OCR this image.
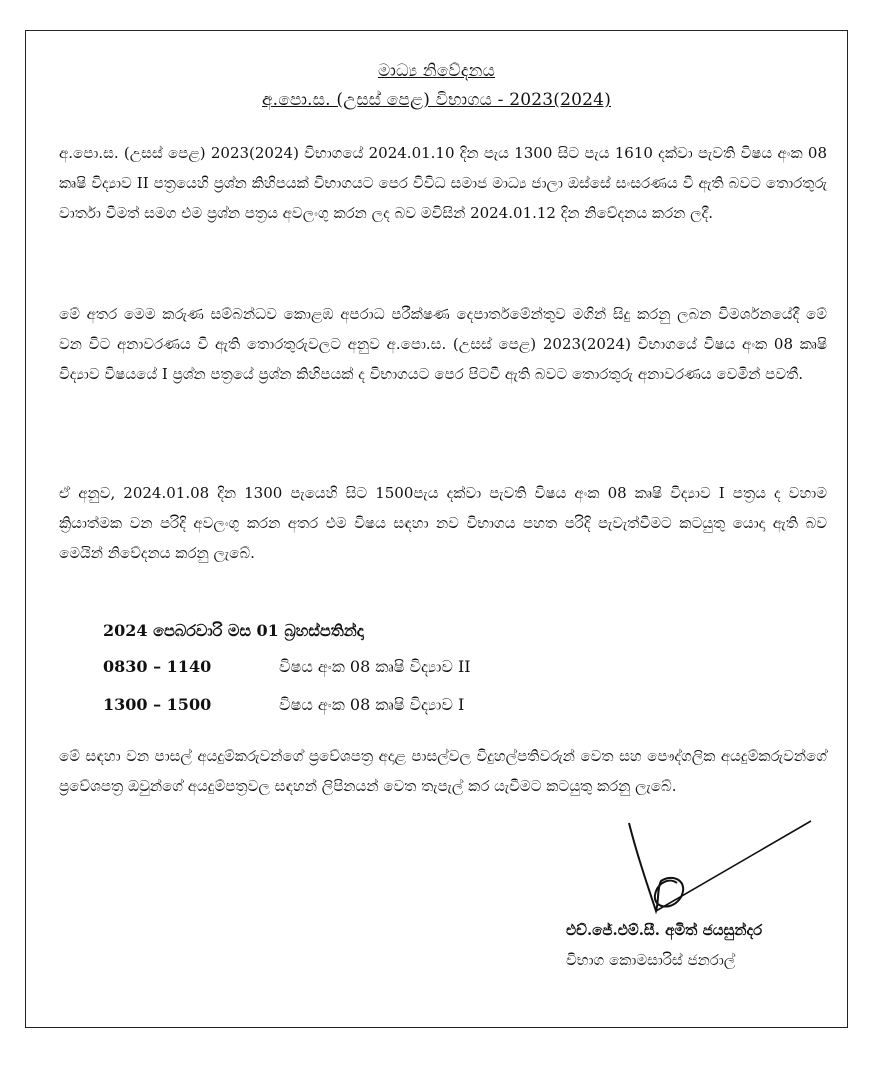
මාධ්‍ය නිවේදනය
අ.පො.ස. (උසස් පෙළ) විභාගය - 2023(2024)
අ.පො.ස. (උසස් පෙළ) 2023(2024) විභාගයේ 2024.01.10 දින පැය 1300 සිට පැය 1610 දක්වා පැවති විෂය අංක 08 කෘෂි විද්‍යාව II පත්‍රයෙහි ප්‍රශ්න කිහිපයක් විභාගයට පෙර විවිධ සමාජ මාධ්‍ය ජාලා ඔස්සේ සංසරණය වී ඇති බවට තොරතුරු වාර්තා වීමත් සමග එම ප්‍රශ්න පත්‍රය අවලංගු කරන ලද බව මවිසින් 2024.01.12 දින නිවේදනය කරන ලදී.
මේ අතර මෙම කරුණ සම්බන්ධව කොළඹ අපරාධ පරීක්ෂණ දෙපාර්තමේන්තුව මගින් සිදු කරනු ලබන විමර්ශනයේදී මේ වන විට අනාවරණය වී ඇති තොරතුරුවලට අනුව අ.පො.ස. (උසස් පෙළ) 2023(2024) විභාගයේ විෂය අංක 08 කෘෂි විද්‍යාව විෂයයේ I ප්‍රශ්න පත්‍රයේ ප්‍රශ්න කිහිපයක් ද විභාගයට පෙර පිටවී ඇති බවට තොරතුරු අනාවරණය වෙමින් පවතී.
ඒ අනුව, 2024.01.08 දින 1300 පැයෙහි සිට 1500පැය දක්වා පැවති විෂය අංක 08 කෘෂි විද්‍යාව I පත්‍රය ද වහාම ක්‍රියාත්මක වන පරිදි අවලංගු කරන අතර එම විෂය සඳහා නව විභාගය පහත පරිදි පැවැත්වීමට කටයුතු යොදා ඇති බව මෙයින් නිවේදනය කරනු ලැබේ.
2024 පෙබරවාරි මස 01 බ්‍රහස්පතින්දා
0830 – 1140	විෂය අංක 08 කෘෂි විද්‍යාව II
1300 – 1500	විෂය අංක 08 කෘෂි විද්‍යාව I
මේ සඳහා වන පාසල් අයදුම්කරුවන්ගේ ප්‍රවේශපත්‍ර අදාළ පාසල්වල විදුහල්පතිවරුන් වෙත සහ පෞද්ගලික අයදුම්කරුවන්ගේ ප්‍රවේශපත්‍ර ඔවුන්ගේ අයදුම්පත්‍රවල සඳහන් ලිපිනයන් වෙත තැපැල් කර යැවීමට කටයුතු කරනු ලැබේ.
එච්.ජේ.එම්.සී. අමිත් ජයසුන්දර
විභාග කොමසාරිස් ජනරාල්
